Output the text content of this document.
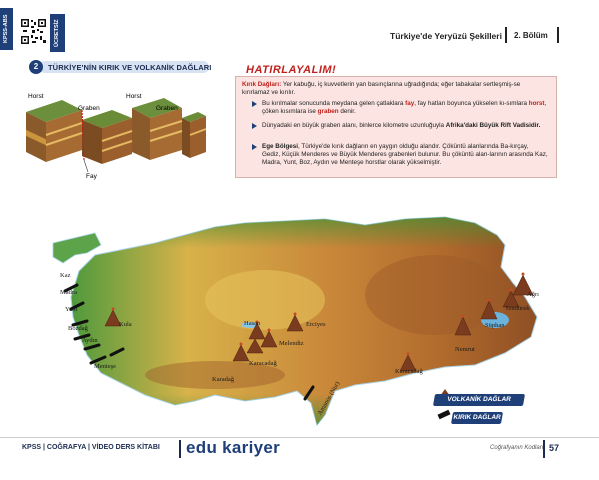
KPSS-ABS	ÜCRETSİZ İZLE	Türkiye'de Yeryüzü Şekilleri 2. Bölüm
2	TÜRKİYE'NİN KIRIK VE VOLKANİK DAĞLARI
Horst
Graben
Horst
Graben
Fay
HATIRLAYALIM!
Kırık Dağları: Yer kabuğu, iç kuvvetlerin yan basınçlarına uğradığında; eğer tabakalar sertleşmiş-se kırırlamaz ve kırılır.
Bu kırılmalar sonucunda meydana gelen çatlaklara fay, fay hatları boyunca yükselen kı-sımlara horst, çöken kısımlara ise graben denir.
Dünyadaki en büyük graben alanı, binlerce kilometre uzunluğuyla Afrika'daki Büyük Rift Vadisidir.
Ege Bölgesi, Türkiye'de kırık dağların en yaygın olduğu alandır. Çöküntü alanlarında Ba-kırçay, Gediz, Küçük Menderes ve Büyük Menderes grabenleri bulunur. Bu çöküntü alan-larının arasında Kaz, Madra, Yunt, Boz, Aydın ve Menteşe horstlar olarak yükselmiştir.
Kaz
Madra
Yunt
Bozdağ
Aydın
Menteşe
Kula	Hasan	Erciyes
Melendiz
Karacadağ
Karadağ
Karacadağ
Nemrut
Süphan
Tendürek
Ağrı
Amanos (Nur)	VOLKANİK DAĞLAR
KIRIK DAĞLAR
KPSS | COĞRAFYA | VİDEO DERS KİTABI edu kariyer	Coğrafyanın Kodları 57
